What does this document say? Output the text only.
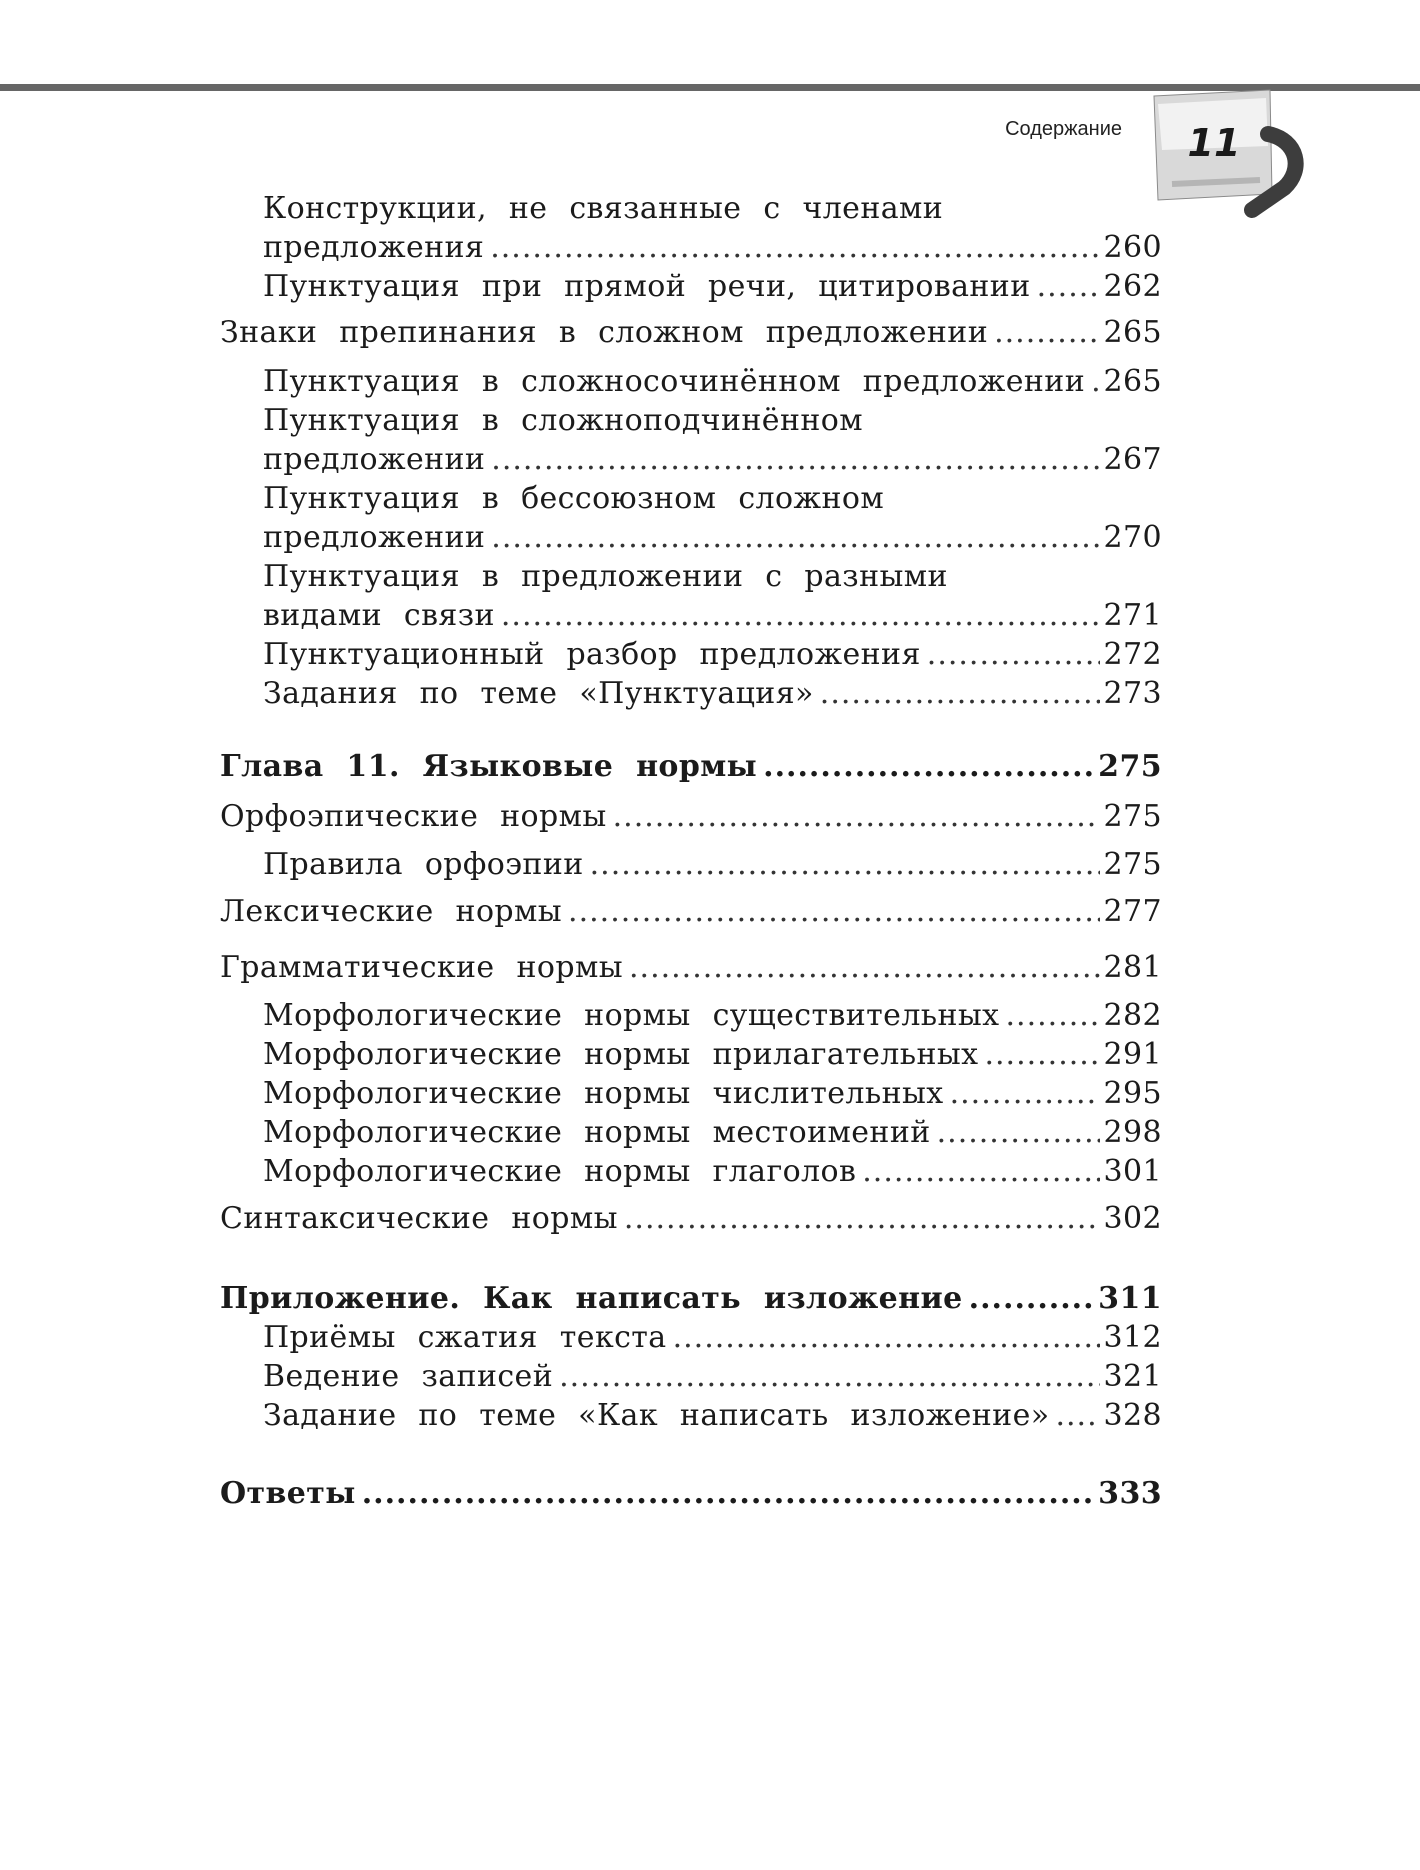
Содержание 11
Конструкции, не связанные с членами
предложения .....	260
Пунктуация при прямой речи, цитировании ..... 262
Знаки препинания в сложном предложении .....	265
Пунктуация в сложносочинённом предложении ..... 265
Пунктуация в сложноподчинённом
предложении .....	267
Пунктуация в бессоюзном сложном
предложении .....	270
Пунктуация в предложении с разными
видами связи .....	271
Пунктуационный разбор предложения .....	272
Задания по теме «Пунктуация» .....	273
Глава 11. Языковые нормы .....	275
Орфоэпические нормы .....	275
Правила орфоэпии .....	275
Лексические нормы .....	277
Грамматические нормы .....	281
Морфологические нормы существительных .....	282
Морфологические нормы прилагательных .....	291
Морфологические нормы числительных .....	295
Морфологические нормы местоимений .....	298
Морфологические нормы глаголов .....	301
Синтаксические нормы .....	302
Приложение. Как написать изложение .....	311
Приёмы сжатия текста .....	312
Ведение записей .....	321
Задание по теме «Как написать изложение» ..... 328
Ответы .....	333
